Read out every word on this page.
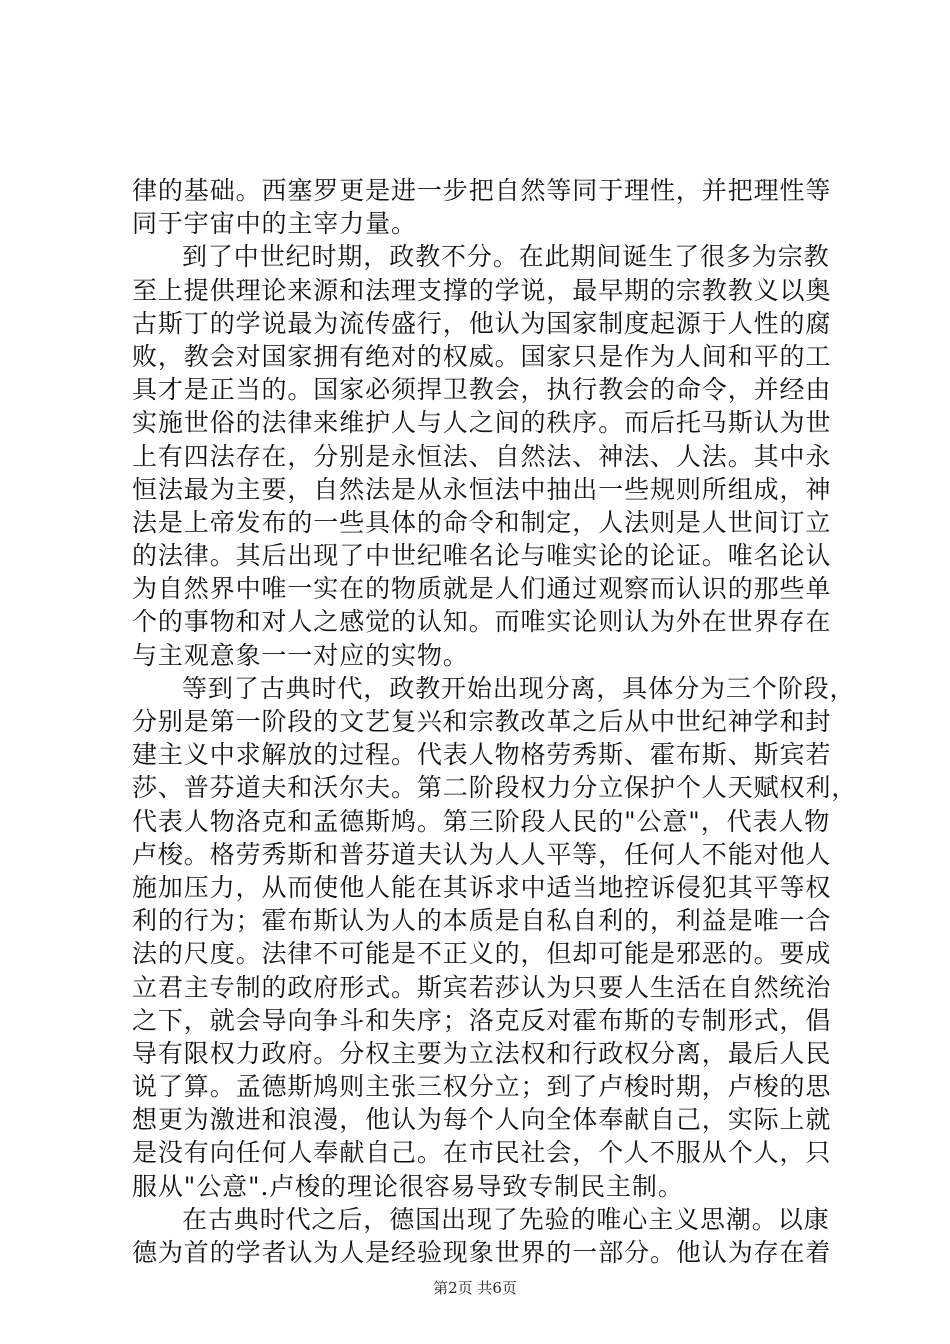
律的基础。西塞罗更是进一步把自然等同于理性，并把理性等
同于宇宙中的主宰力量。
到了中世纪时期，政教不分。在此期间诞生了很多为宗教
至上提供理论来源和法理支撑的学说，最早期的宗教教义以奥
古斯丁的学说最为流传盛行，他认为国家制度起源于人性的腐
败，教会对国家拥有绝对的权威。国家只是作为人间和平的工
具才是正当的。国家必须捍卫教会，执行教会的命令，并经由
实施世俗的法律来维护人与人之间的秩序。而后托马斯认为世
上有四法存在，分别是永恒法、自然法、神法、人法。其中永
恒法最为主要，自然法是从永恒法中抽出一些规则所组成，神
法是上帝发布的一些具体的命令和制定，人法则是人世间订立
的法律。其后出现了中世纪唯名论与唯实论的论证。唯名论认
为自然界中唯一实在的物质就是人们通过观察而认识的那些单
个的事物和对人之感觉的认知。而唯实论则认为外在世界存在
与主观意象一一对应的实物。
等到了古典时代，政教开始出现分离，具体分为三个阶段，
分别是第一阶段的文艺复兴和宗教改革之后从中世纪神学和封
建主义中求解放的过程。代表人物格劳秀斯、霍布斯、斯宾若
莎、普芬道夫和沃尔夫。第二阶段权力分立保护个人天赋权利，
代表人物洛克和孟德斯鸠。第三阶段人民的"公意"，代表人物
卢梭。格劳秀斯和普芬道夫认为人人平等，任何人不能对他人
施加压力，从而使他人能在其诉求中适当地控诉侵犯其平等权
利的行为；霍布斯认为人的本质是自私自利的，利益是唯一合
法的尺度。法律不可能是不正义的，但却可能是邪恶的。要成
立君主专制的政府形式。斯宾若莎认为只要人生活在自然统治
之下，就会导向争斗和失序；洛克反对霍布斯的专制形式，倡
导有限权力政府。分权主要为立法权和行政权分离，最后人民
说了算。孟德斯鸠则主张三权分立；到了卢梭时期，卢梭的思
想更为激进和浪漫，他认为每个人向全体奉献自己，实际上就
是没有向任何人奉献自己。在市民社会，个人不服从个人，只
服从"公意".卢梭的理论很容易导致专制民主制。
在古典时代之后，德国出现了先验的唯心主义思潮。以康
德为首的学者认为人是经验现象世界的一部分。他认为存在着
第2页 共6页
